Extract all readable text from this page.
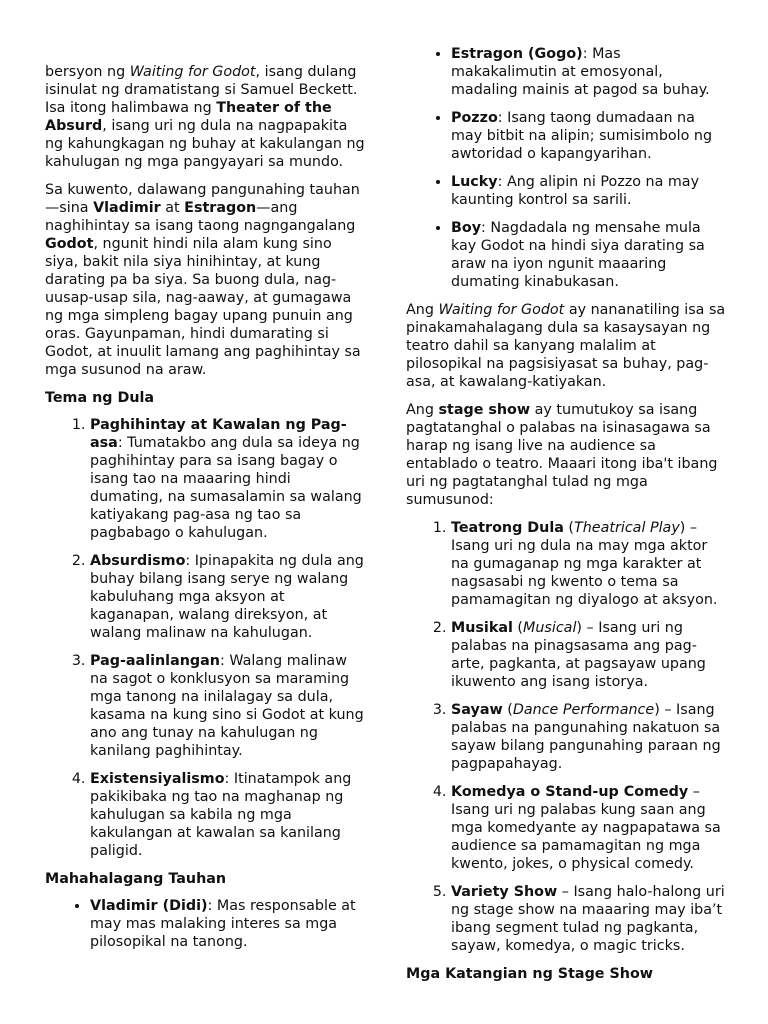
bersyon ng Waiting for Godot, isang dulang isinulat ng dramatistang si Samuel Beckett. Isa itong halimbawa ng Theater of the Absurd, isang uri ng dula na nagpapakita ng kahungkagan ng buhay at kakulangan ng kahulugan ng mga pangyayari sa mundo.

Sa kuwento, dalawang pangunahing tauhan —sina Vladimir at Estragon—ang naghihintay sa isang taong nagngangalang Godot, ngunit hindi nila alam kung sino siya, bakit nila siya hinihintay, at kung darating pa ba siya. Sa buong dula, nag-uusap-usap sila, nag-aaway, at gumagawa ng mga simpleng bagay upang punuin ang oras. Gayunpaman, hindi dumarating si Godot, at inuulit lamang ang paghihintay sa mga susunod na araw.

Tema ng Dula
1. Paghihintay at Kawalan ng Pag-asa: Tumatakbo ang dula sa ideya ng paghihintay para sa isang bagay o isang tao na maaaring hindi dumating, na sumasalamin sa walang katiyakang pag-asa ng tao sa pagbabago o kahulugan.
2. Absurdismo: Ipinapakita ng dula ang buhay bilang isang serye ng walang kabuluhang mga aksyon at kaganapan, walang direksyon, at walang malinaw na kahulugan.
3. Pag-aalinlangan: Walang malinaw na sagot o konklusyon sa maraming mga tanong na inilalagay sa dula, kasama na kung sino si Godot at kung ano ang tunay na kahulugan ng kanilang paghihintay.
4. Existensiyalismo: Itinatampok ang pakikibaka ng tao na maghanap ng kahulugan sa kabila ng mga kakulangan at kawalan sa kanilang paligid.
Mahahalagang Tauhan
• Vladimir (Didi): Mas responsable at may mas malaking interes sa mga pilosopikal na tanong.
• Estragon (Gogo): Mas makakalimutin at emosyonal, madaling mainis at pagod sa buhay.
• Pozzo: Isang taong dumadaan na may bitbit na alipin; sumisimbolo ng awtoridad o kapangyarihan.
• Lucky: Ang alipin ni Pozzo na may kaunting kontrol sa sarili.
• Boy: Nagdadala ng mensahe mula kay Godot na hindi siya darating sa araw na iyon ngunit maaaring dumating kinabukasan.

Ang Waiting for Godot ay nananatiling isa sa pinakamahalagang dula sa kasaysayan ng teatro dahil sa kanyang malalim at pilosopikal na pagsisiyasat sa buhay, pag-asa, at kawalang-katiyakan.

Ang stage show ay tumutukoy sa isang pagtatanghal o palabas na isinasagawa sa harap ng isang live na audience sa entablado o teatro. Maaari itong iba't ibang uri ng pagtatanghal tulad ng mga sumusunod:

1. Teatrong Dula (Theatrical Play) – Isang uri ng dula na may mga aktor na gumaganap ng mga karakter at nagsasabi ng kwento o tema sa pamamagitan ng diyalogo at aksyon.
2. Musikal (Musical) – Isang uri ng palabas na pinagsasama ang pag-arte, pagkanta, at pagsayaw upang ikuwento ang isang istorya.
3. Sayaw (Dance Performance) – Isang palabas na pangunahing nakatuon sa sayaw bilang pangunahing paraan ng pagpapahayag.
4. Komedya o Stand-up Comedy – Isang uri ng palabas kung saan ang mga komedyante ay nagpapatawa sa audience sa pamamagitan ng mga kwento, jokes, o physical comedy.
5. Variety Show – Isang halo-halong uri ng stage show na maaaring may iba’t ibang segment tulad ng pagkanta, sayaw, komedya, o magic tricks.
Mga Katangian ng Stage Show
